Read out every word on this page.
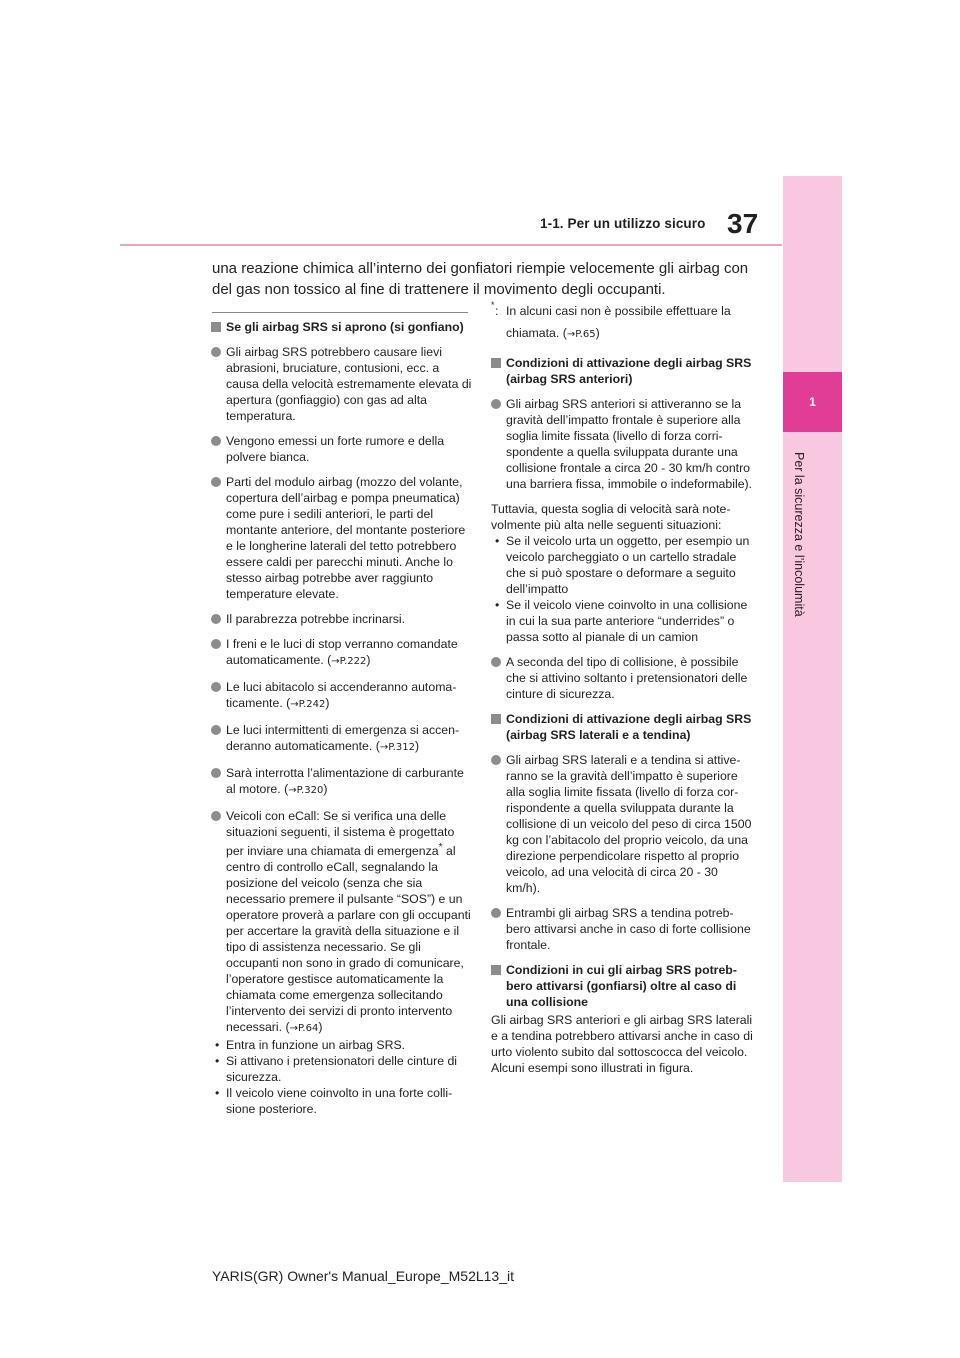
1-1. Per un utilizzo sicuro 37
1
Per la sicurezza e l’incolumità

una reazione chimica all’interno dei gonfiatori riempie velocemente gli airbag con del gas non tossico al fine di trattenere il movimento degli occupanti.

Se gli airbag SRS si aprono (si gonfiano)
Gli airbag SRS potrebbero causare lievi abrasioni, bruciature, contusioni, ecc. a causa della velocità estremamente elevata di apertura (gonfiaggio) con gas ad alta temperatura.
Vengono emessi un forte rumore e della polvere bianca.
Parti del modulo airbag (mozzo del volante, copertura dell’airbag e pompa pneumatica) come pure i sedili anteriori, le parti del montante anteriore, del montante posteriore e le longherine laterali del tetto potrebbero essere caldi per parecchi minuti. Anche lo stesso airbag potrebbe aver raggiunto temperature elevate.
Il parabrezza potrebbe incrinarsi.
I freni e le luci di stop verranno comandate automaticamente. (→P.222)
Le luci abitacolo si accenderanno automaticamente. (→P.242)
Le luci intermittenti di emergenza si accenderanno automaticamente. (→P.312)
Sarà interrotta l’alimentazione di carburante al motore. (→P.320)
Veicoli con eCall: Se si verifica una delle situazioni seguenti, il sistema è progettato per inviare una chiamata di emergenza* al centro di controllo eCall, segnalando la posizione del veicolo (senza che sia necessario premere il pulsante “SOS”) e un operatore proverà a parlare con gli occupanti per accertare la gravità della situazione e il tipo di assistenza necessario. Se gli occupanti non sono in grado di comunicare, l’operatore gestisce automaticamente la chiamata come emergenza sollecitando l’intervento dei servizi di pronto intervento necessari. (→P.64)
• Entra in funzione un airbag SRS.
• Si attivano i pretensionatori delle cinture di sicurezza.
• Il veicolo viene coinvolto in una forte collisione posteriore.
* : In alcuni casi non è possibile effettuare la chiamata. (→P.65)
Condizioni di attivazione degli airbag SRS (airbag SRS anteriori)
Gli airbag SRS anteriori si attiveranno se la gravità dell’impatto frontale è superiore alla soglia limite fissata (livello di forza corrispondente a quella sviluppata durante una collisione frontale a circa 20 - 30 km/h contro una barriera fissa, immobile o indeformabile).
Tuttavia, questa soglia di velocità sarà notevolmente più alta nelle seguenti situazioni:
• Se il veicolo urta un oggetto, per esempio un veicolo parcheggiato o un cartello stradale che si può spostare o deformare a seguito dell’impatto
• Se il veicolo viene coinvolto in una collisione in cui la sua parte anteriore “underrides” o passa sotto al pianale di un camion
A seconda del tipo di collisione, è possibile che si attivino soltanto i pretensionatori delle cinture di sicurezza.
Condizioni di attivazione degli airbag SRS (airbag SRS laterali e a tendina)
Gli airbag SRS laterali e a tendina si attiveranno se la gravità dell’impatto è superiore alla soglia limite fissata (livello di forza corrispondente a quella sviluppata durante la collisione di un veicolo del peso di circa 1500 kg con l’abitacolo del proprio veicolo, da una direzione perpendicolare rispetto al proprio veicolo, ad una velocità di circa 20 - 30 km/h).
Entrambi gli airbag SRS a tendina potrebbero attivarsi anche in caso di forte collisione frontale.
Condizioni in cui gli airbag SRS potrebbero attivarsi (gonfiarsi) oltre al caso di una collisione
Gli airbag SRS anteriori e gli airbag SRS laterali e a tendina potrebbero attivarsi anche in caso di urto violento subito dal sottoscocca del veicolo. Alcuni esempi sono illustrati in figura.
YARIS(GR) Owner's Manual_Europe_M52L13_it
